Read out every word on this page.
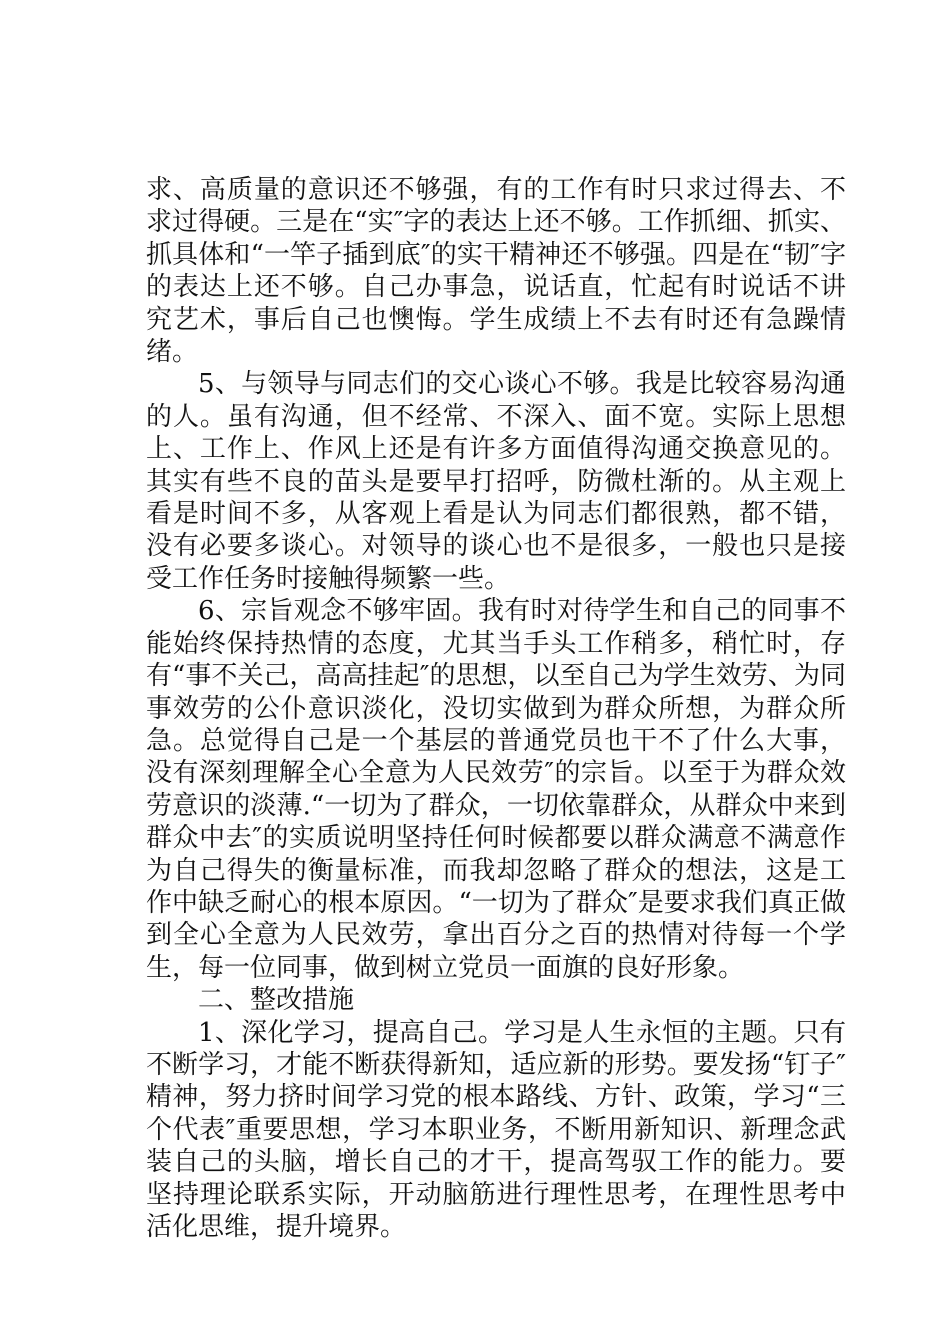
求、高质量的意识还不够强，有的工作有时只求过得去、不求过得硬。三是在“实″字的表达上还不够。工作抓细、抓实、抓具体和“一竿子插到底″的实干精神还不够强。四是在“韧″字的表达上还不够。自己办事急，说话直，忙起有时说话不讲究艺术，事后自己也懊悔。学生成绩上不去有时还有急躁情绪。

5、与领导与同志们的交心谈心不够。我是比较容易沟通的人。虽有沟通，但不经常、不深入、面不宽。实际上思想上、工作上、作风上还是有许多方面值得沟通交换意见的。其实有些不良的苗头是要早打招呼，防微杜渐的。从主观上看是时间不多，从客观上看是认为同志们都很熟，都不错，没有必要多谈心。对领导的谈心也不是很多，一般也只是接受工作任务时接触得频繁一些。

6、宗旨观念不够牢固。我有时对待学生和自己的同事不能始终保持热情的态度，尤其当手头工作稍多，稍忙时，存有“事不关己，高高挂起″的思想，以至自己为学生效劳、为同事效劳的公仆意识淡化，没切实做到为群众所想，为群众所急。总觉得自己是一个基层的普通党员也干不了什么大事，没有深刻理解全心全意为人民效劳″的宗旨。以至于为群众效劳意识的淡薄.“一切为了群众，一切依靠群众，从群众中来到群众中去″的实质说明坚持任何时候都要以群众满意不满意作为自己得失的衡量标准，而我却忽略了群众的想法，这是工作中缺乏耐心的根本原因。“一切为了群众″是要求我们真正做到全心全意为人民效劳，拿出百分之百的热情对待每一个学生，每一位同事，做到树立党员一面旗的良好形象。

二、整改措施

1、深化学习，提高自己。学习是人生永恒的主题。只有不断学习，才能不断获得新知，适应新的形势。要发扬“钉子″精神，努力挤时间学习党的根本路线、方针、政策，学习“三个代表″重要思想，学习本职业务，不断用新知识、新理念武装自己的头脑，增长自己的才干，提高驾驭工作的能力。要坚持理论联系实际，开动脑筋进行理性思考，在理性思考中活化思维，提升境界。
